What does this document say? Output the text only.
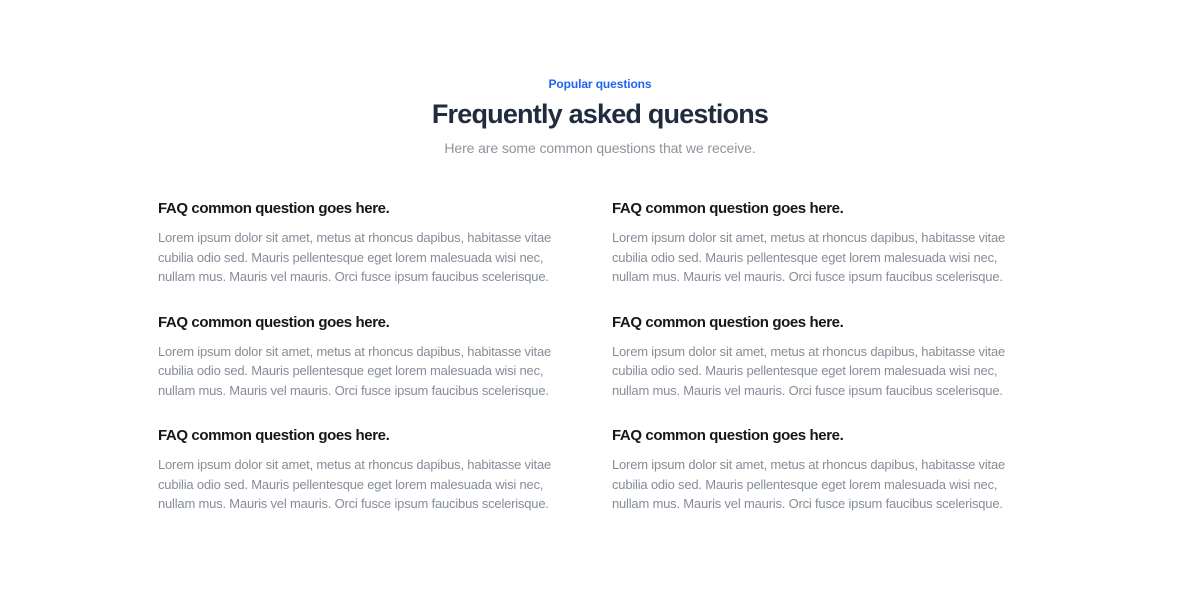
Popular questions

Frequently asked questions

Here are some common questions that we receive.

FAQ common question goes here.

Lorem ipsum dolor sit amet, metus at rhoncus dapibus, habitasse vitae

cubilia odio sed. Mauris pellentesque eget lorem malesuada wisi nec,

nullam mus. Mauris vel mauris. Orci fusce ipsum faucibus scelerisque.

FAQ common question goes here.

Lorem ipsum dolor sit amet, metus at rhoncus dapibus, habitasse vitae

cubilia odio sed. Mauris pellentesque eget lorem malesuada wisi nec,

nullam mus. Mauris vel mauris. Orci fusce ipsum faucibus scelerisque.

FAQ common question goes here.

Lorem ipsum dolor sit amet, metus at rhoncus dapibus, habitasse vitae

cubilia odio sed. Mauris pellentesque eget lorem malesuada wisi nec,

nullam mus. Mauris vel mauris. Orci fusce ipsum faucibus scelerisque.

FAQ common question goes here.

Lorem ipsum dolor sit amet, metus at rhoncus dapibus, habitasse vitae

cubilia odio sed. Mauris pellentesque eget lorem malesuada wisi nec,

nullam mus. Mauris vel mauris. Orci fusce ipsum faucibus scelerisque.

FAQ common question goes here.

Lorem ipsum dolor sit amet, metus at rhoncus dapibus, habitasse vitae

cubilia odio sed. Mauris pellentesque eget lorem malesuada wisi nec,

nullam mus. Mauris vel mauris. Orci fusce ipsum faucibus scelerisque.

FAQ common question goes here.

Lorem ipsum dolor sit amet, metus at rhoncus dapibus, habitasse vitae

cubilia odio sed. Mauris pellentesque eget lorem malesuada wisi nec,

nullam mus. Mauris vel mauris. Orci fusce ipsum faucibus scelerisque.
